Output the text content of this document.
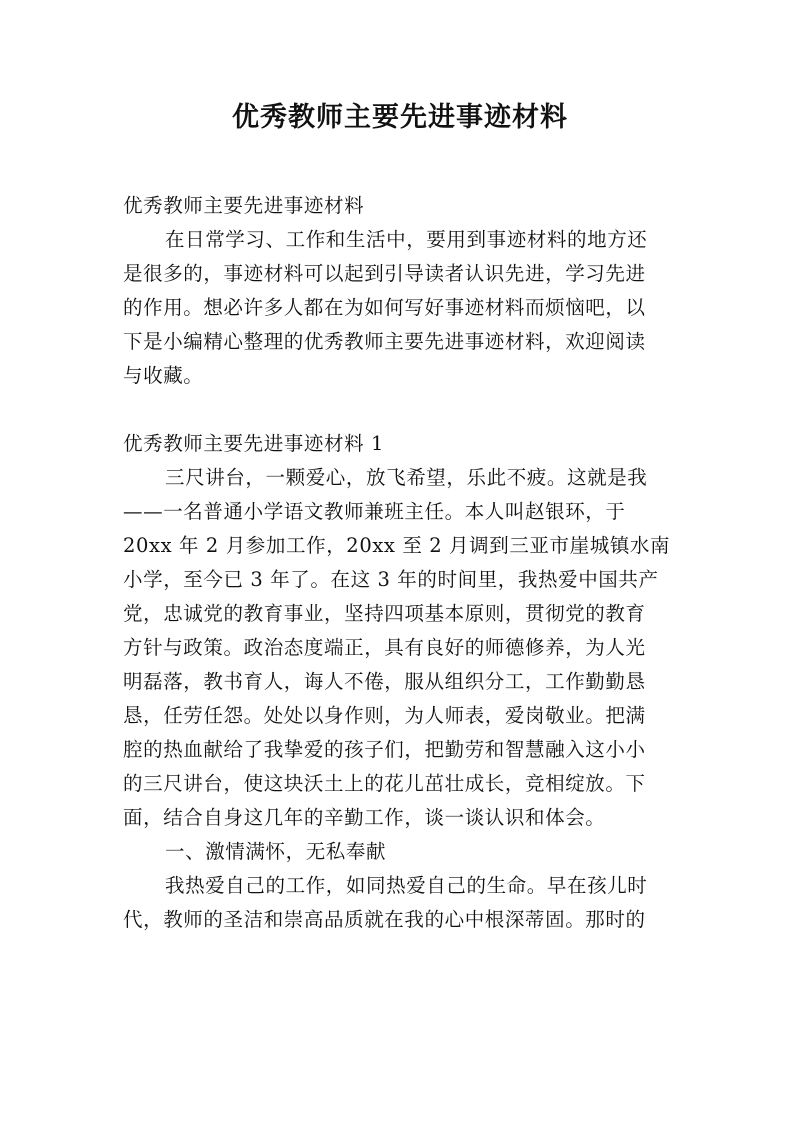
优秀教师主要先进事迹材料
优秀教师主要先进事迹材料
在日常学习、工作和生活中，要用到事迹材料的地方还
是很多的，事迹材料可以起到引导读者认识先进，学习先进
的作用。想必许多人都在为如何写好事迹材料而烦恼吧，以
下是小编精心整理的优秀教师主要先进事迹材料，欢迎阅读
与收藏。
优秀教师主要先进事迹材料 1
三尺讲台，一颗爱心，放飞希望，乐此不疲。这就是我
——一名普通小学语文教师兼班主任。本人叫赵银环，于
20xx 年 2 月参加工作，20xx 至 2 月调到三亚市崖城镇水南
小学，至今已 3 年了。在这 3 年的时间里，我热爱中国共产
党，忠诚党的教育事业，坚持四项基本原则，贯彻党的教育
方针与政策。政治态度端正，具有良好的师德修养，为人光
明磊落，教书育人，诲人不倦，服从组织分工，工作勤勤恳
恳，任劳任怨。处处以身作则，为人师表，爱岗敬业。把满
腔的热血献给了我挚爱的孩子们，把勤劳和智慧融入这小小
的三尺讲台，使这块沃土上的花儿茁壮成长，竞相绽放。下
面，结合自身这几年的辛勤工作，谈一谈认识和体会。
一、激情满怀，无私奉献
我热爱自己的工作，如同热爱自己的生命。早在孩儿时
代，教师的圣洁和崇高品质就在我的心中根深蒂固。那时的
